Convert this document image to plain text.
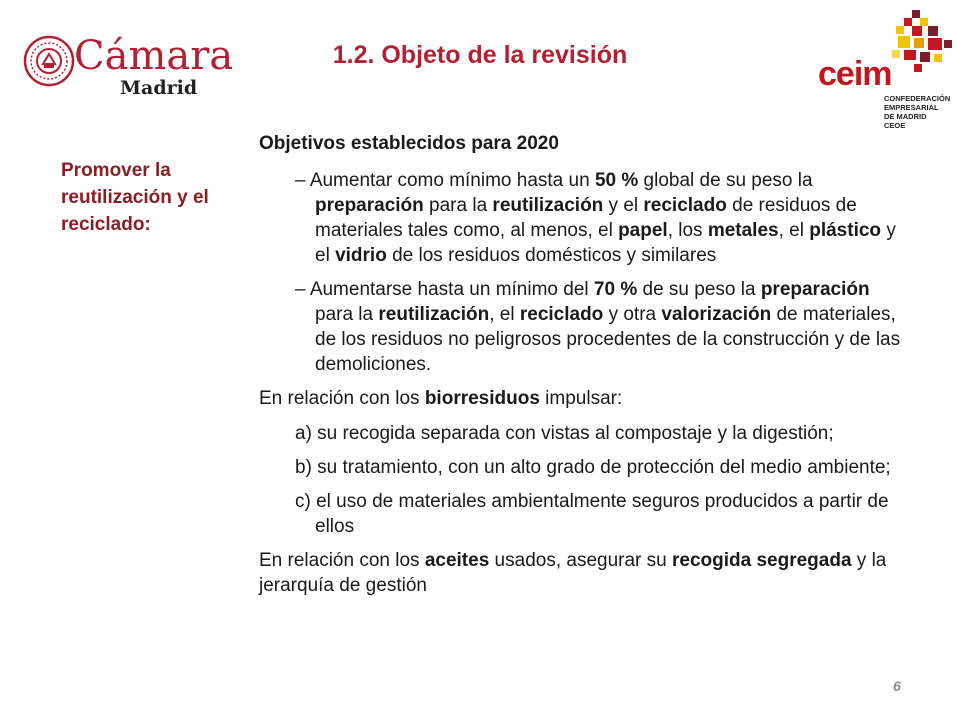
Cámara
Madrid
1.2. Objeto de la revisión	ceim
CONFEDERACIÓN
EMPRESARIAL
DE MADRID
CEOE
Promover la reutilización y el reciclado:

Objetivos establecidos para 2020

– Aumentar como mínimo hasta un 50 % global de su peso la preparación para la reutilización y el reciclado de residuos de materiales tales como, al menos, el papel, los metales, el plástico y el vidrio de los residuos domésticos y similares

– Aumentarse hasta un mínimo del 70 % de su peso la preparación para la reutilización, el reciclado y otra valorización de materiales, de los residuos no peligrosos procedentes de la construcción y de las demoliciones.

En relación con los biorresiduos impulsar:

a) su recogida separada con vistas al compostaje y la digestión;

b) su tratamiento, con un alto grado de protección del medio ambiente;

c) el uso de materiales ambientalmente seguros producidos a partir de ellos

En relación con los aceites usados, asegurar su recogida segregada y la jerarquía de gestión

6
